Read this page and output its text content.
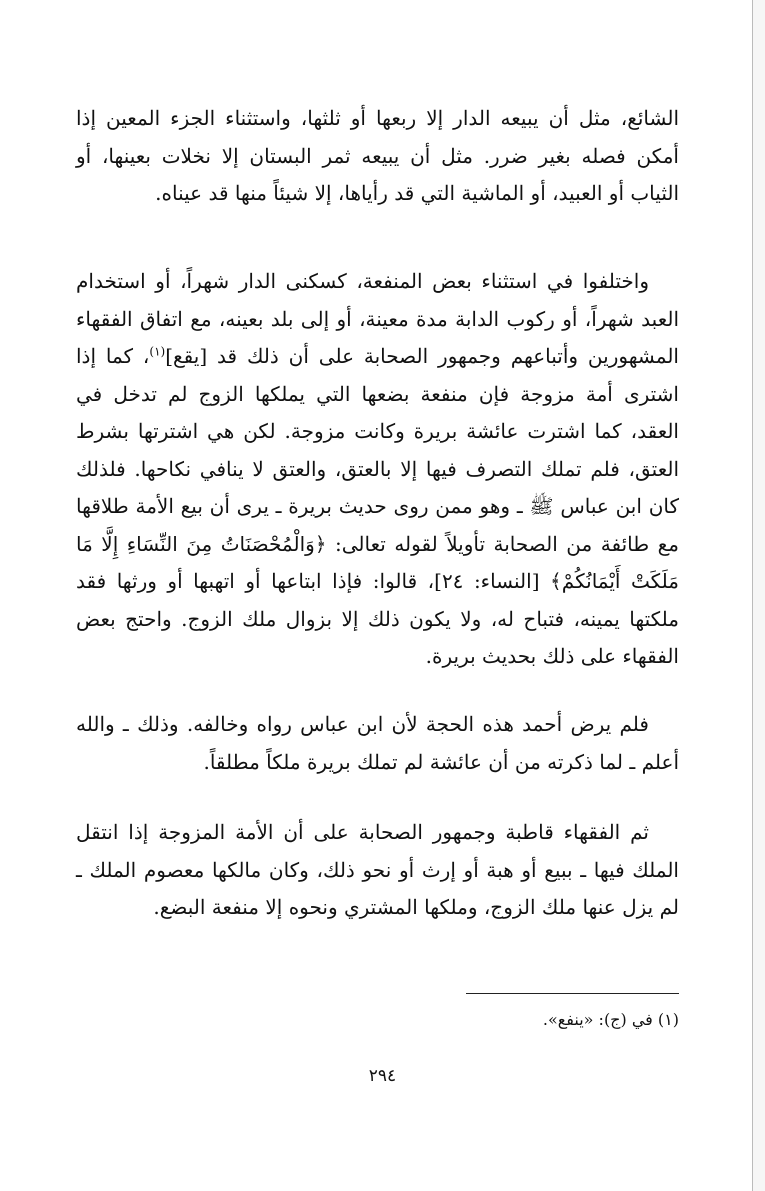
الشائع، مثل أن يبيعه الدار إلا ربعها أو ثلثها، واستثناء الجزء المعين إذا أمكن فصله بغير ضرر. مثل أن يبيعه ثمر البستان إلا نخلات بعينها، أو الثياب أو العبيد، أو الماشية التي قد رأياها، إلا شيئاً منها قد عيناه.

واختلفوا في استثناء بعض المنفعة، كسكنى الدار شهراً، أو استخدام العبد شهراً، أو ركوب الدابة مدة معينة، أو إلى بلد بعينه، مع اتفاق الفقهاء المشهورين وأتباعهم وجمهور الصحابة على أن ذلك قد [يقع]$^{(١)}$، كما إذا اشترى أمة مزوجة فإن منفعة بضعها التي يملكها الزوج لم تدخل في العقد، كما اشترت عائشة بريرة وكانت مزوجة. لكن هي اشترتها بشرط العتق، فلم تملك التصرف فيها إلا بالعتق، والعتق لا ينافي نكاحها. فلذلك كان ابن عباس ﷺ ـ وهو ممن روى حديث بريرة ـ يرى أن بيع الأمة طلاقها مع طائفة من الصحابة تأويلاً لقوله تعالى: ﴿وَالْمُحْصَنَاتُ مِنَ النِّسَاءِ إِلَّا مَا مَلَكَتْ أَيْمَانُكُمْ﴾ [النساء: ٢٤]، قالوا: فإذا ابتاعها أو اتهبها أو ورثها فقد ملكتها يمينه، فتباح له، ولا يكون ذلك إلا بزوال ملك الزوج. واحتج بعض الفقهاء على ذلك بحديث بريرة.

فلم يرض أحمد هذه الحجة لأن ابن عباس رواه وخالفه. وذلك ـ والله أعلم ـ لما ذكرته من أن عائشة لم تملك بريرة ملكاً مطلقاً.

ثم الفقهاء قاطبة وجمهور الصحابة على أن الأمة المزوجة إذا انتقل الملك فيها ـ ببيع أو هبة أو إرث أو نحو ذلك، وكان مالكها معصوم الملك ـ لم يزل عنها ملك الزوج، وملكها المشتري ونحوه إلا منفعة البضع.

(١) في (ج): «ينفع».
٢٩٤
